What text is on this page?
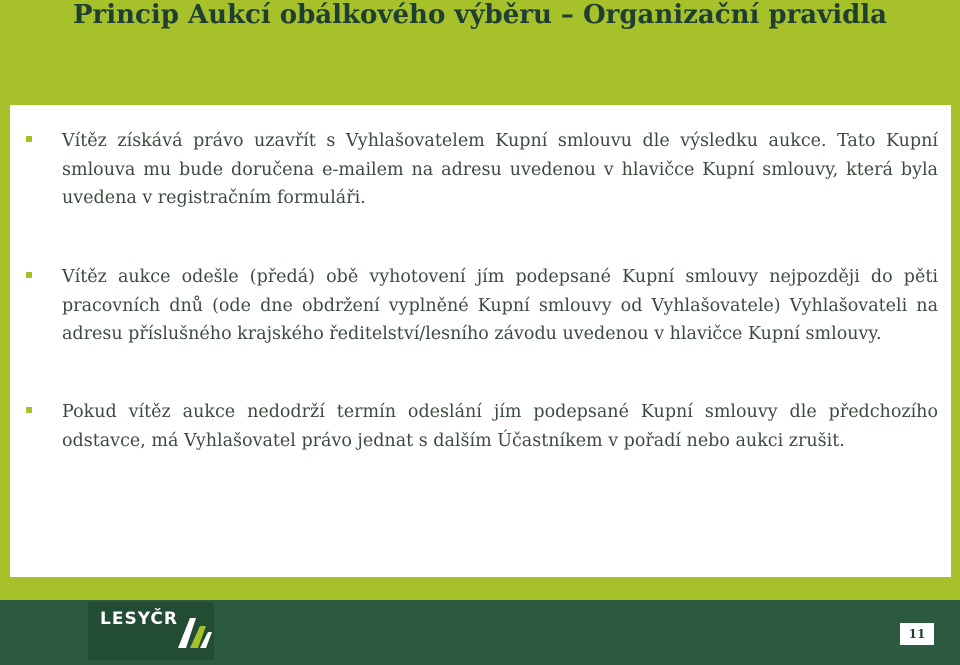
Princip Aukcí obálkového výběru – Organizační pravidla
Vítěz získává právo uzavřít s Vyhlašovatelem Kupní smlouvu dle výsledku aukce. Tato Kupní smlouva mu bude doručena e-mailem na adresu uvedenou v hlavičce Kupní smlouvy, která byla uvedena v registračním formuláři.
Vítěz aukce odešle (předá) obě vyhotovení jím podepsané Kupní smlouvy nejpozději do pěti pracovních dnů (ode dne obdržení vyplněné Kupní smlouvy od Vyhlašovatele) Vyhlašovateli na adresu příslušného krajského ředitelství/lesního závodu uvedenou v hlavičce Kupní smlouvy.
Pokud vítěz aukce nedodrží termín odeslání jím podepsané Kupní smlouvy dle předchozího odstavce, má Vyhlašovatel právo jednat s dalším Účastníkem v pořadí nebo aukci zrušit.
LESYČR
11
